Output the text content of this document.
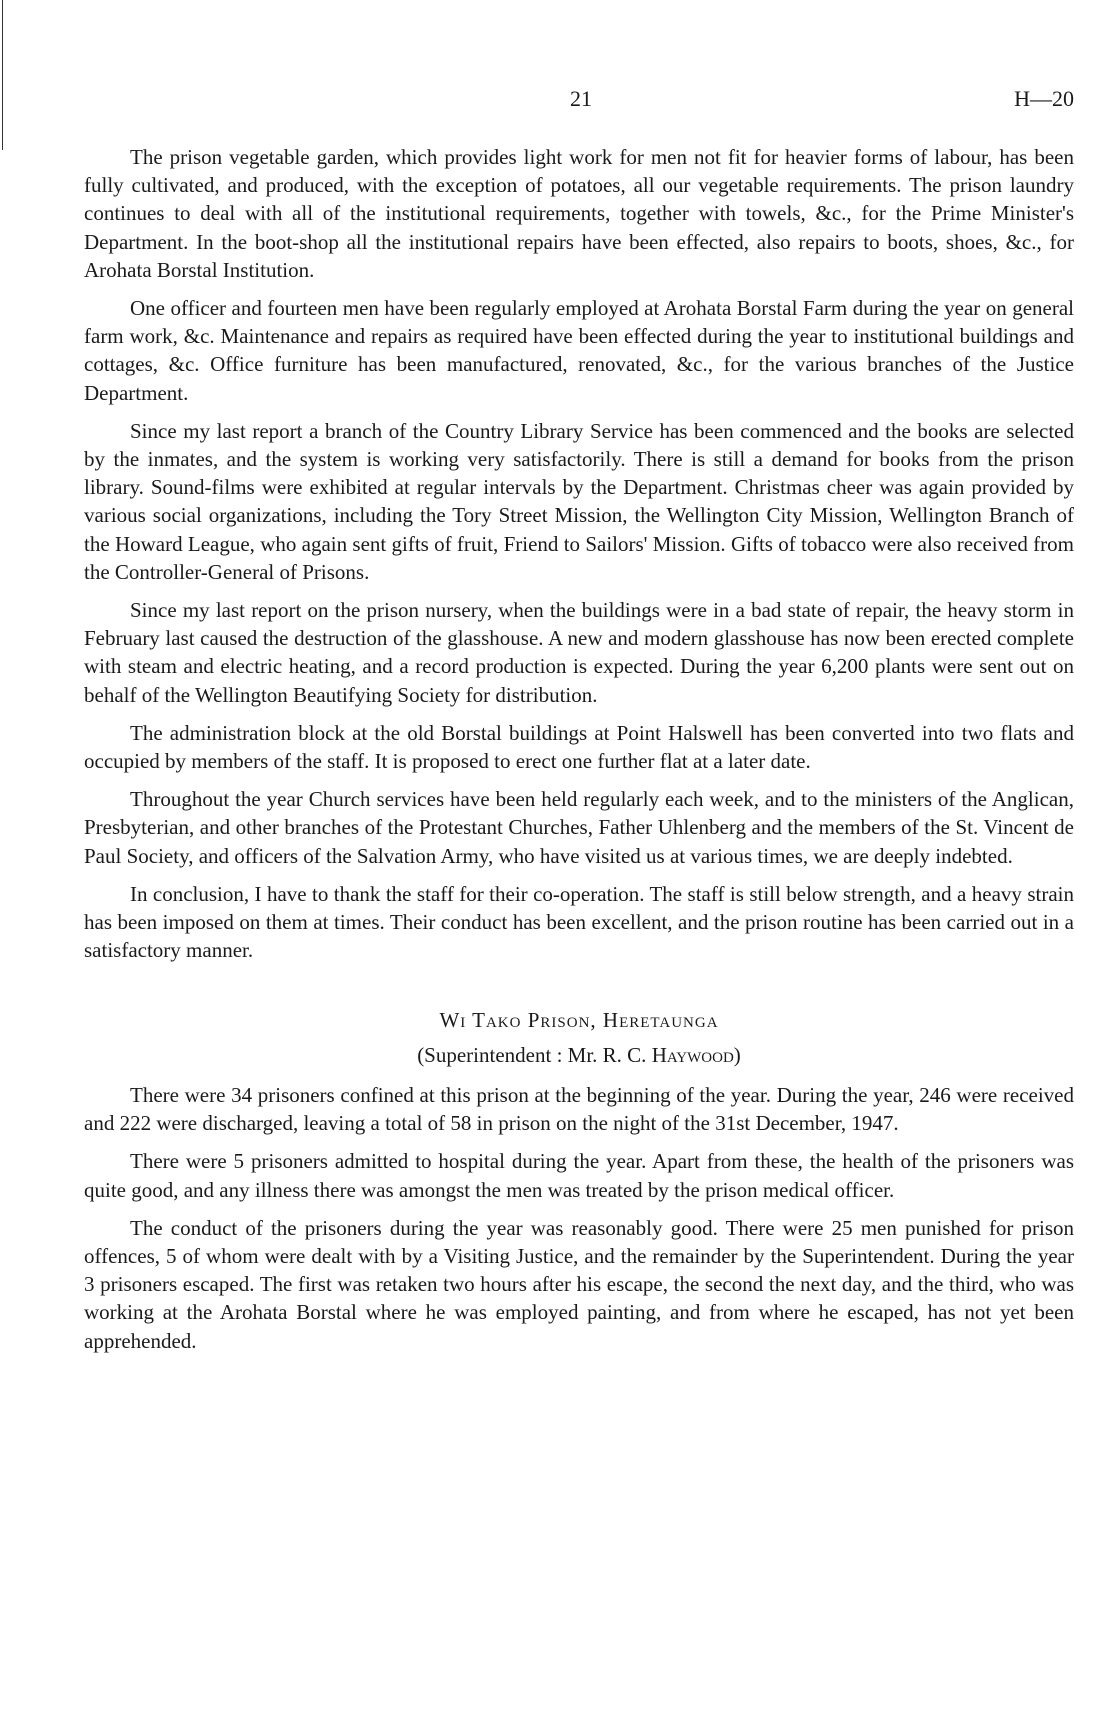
21	H—20

The prison vegetable garden, which provides light work for men not fit for heavier forms of labour, has been fully cultivated, and produced, with the exception of potatoes, all our vegetable requirements. The prison laundry continues to deal with all of the institutional requirements, together with towels, &c., for the Prime Minister's Department. In the boot-shop all the institutional repairs have been effected, also repairs to boots, shoes, &c., for Arohata Borstal Institution.

One officer and fourteen men have been regularly employed at Arohata Borstal Farm during the year on general farm work, &c. Maintenance and repairs as required have been effected during the year to institutional buildings and cottages, &c. Office furniture has been manufactured, renovated, &c., for the various branches of the Justice Department.

Since my last report a branch of the Country Library Service has been commenced and the books are selected by the inmates, and the system is working very satisfactorily. There is still a demand for books from the prison library. Sound-films were exhibited at regular intervals by the Department. Christmas cheer was again provided by various social organizations, including the Tory Street Mission, the Wellington City Mission, Wellington Branch of the Howard League, who again sent gifts of fruit, Friend to Sailors' Mission. Gifts of tobacco were also received from the Controller-General of Prisons.

Since my last report on the prison nursery, when the buildings were in a bad state of repair, the heavy storm in February last caused the destruction of the glasshouse. A new and modern glasshouse has now been erected complete with steam and electric heating, and a record production is expected. During the year 6,200 plants were sent out on behalf of the Wellington Beautifying Society for distribution.

The administration block at the old Borstal buildings at Point Halswell has been converted into two flats and occupied by members of the staff. It is proposed to erect one further flat at a later date.

Throughout the year Church services have been held regularly each week, and to the ministers of the Anglican, Presbyterian, and other branches of the Protestant Churches, Father Uhlenberg and the members of the St. Vincent de Paul Society, and officers of the Salvation Army, who have visited us at various times, we are deeply indebted.

In conclusion, I have to thank the staff for their co-operation. The staff is still below strength, and a heavy strain has been imposed on them at times. Their conduct has been excellent, and the prison routine has been carried out in a satisfactory manner.

Wi Tako Prison, Heretaunga
(Superintendent : Mr. R. C. Haywood)

There were 34 prisoners confined at this prison at the beginning of the year. During the year, 246 were received and 222 were discharged, leaving a total of 58 in prison on the night of the 31st December, 1947.

There were 5 prisoners admitted to hospital during the year. Apart from these, the health of the prisoners was quite good, and any illness there was amongst the men was treated by the prison medical officer.

The conduct of the prisoners during the year was reasonably good. There were 25 men punished for prison offences, 5 of whom were dealt with by a Visiting Justice, and the remainder by the Superintendent. During the year 3 prisoners escaped. The first was retaken two hours after his escape, the second the next day, and the third, who was working at the Arohata Borstal where he was employed painting, and from where he escaped, has not yet been apprehended.
